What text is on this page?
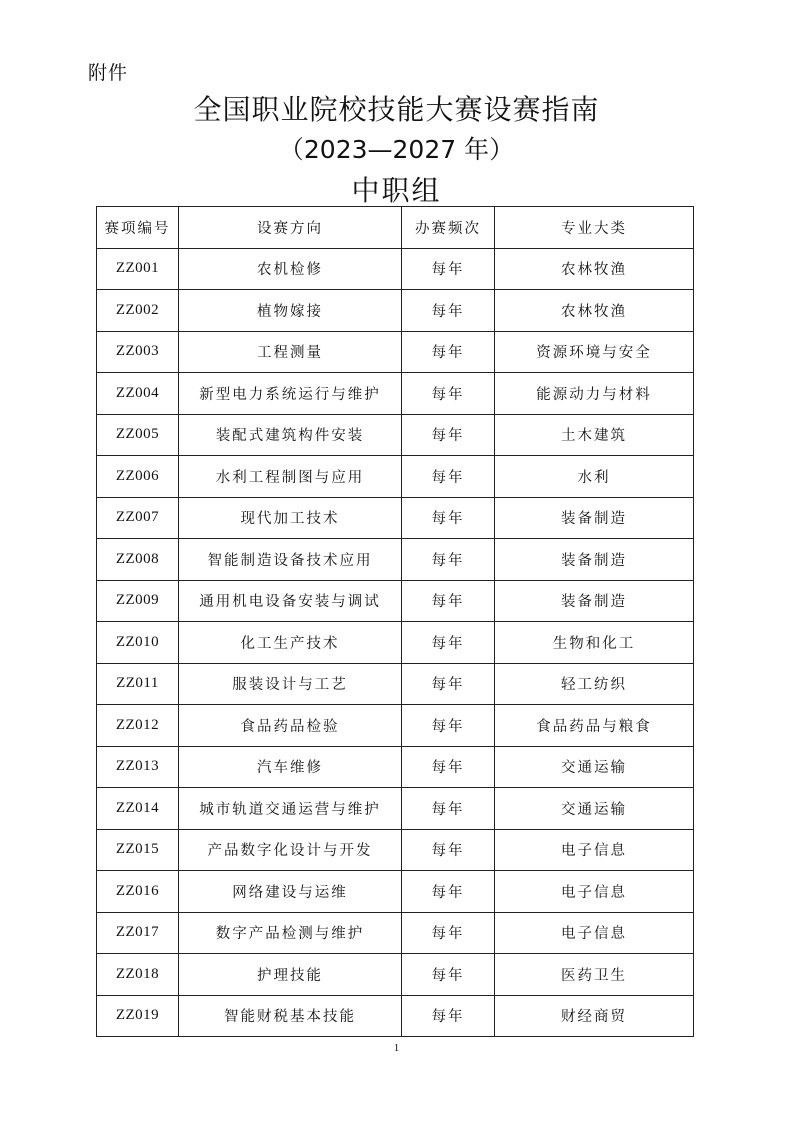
附件
全国职业院校技能大赛设赛指南
（2023—2027 年）
中职组
赛项编号	设赛方向	办赛频次	专业大类
ZZ001	农机检修	每年	农林牧渔
ZZ002	植物嫁接	每年	农林牧渔
ZZ003	工程测量	每年	资源环境与安全
ZZ004	新型电力系统运行与维护	每年	能源动力与材料
ZZ005	装配式建筑构件安装	每年	土木建筑
ZZ006	水利工程制图与应用	每年	水利
ZZ007	现代加工技术	每年	装备制造
ZZ008	智能制造设备技术应用	每年	装备制造
ZZ009	通用机电设备安装与调试	每年	装备制造
ZZ010	化工生产技术	每年	生物和化工
ZZ011	服装设计与工艺	每年	轻工纺织
ZZ012	食品药品检验	每年	食品药品与粮食
ZZ013	汽车维修	每年	交通运输
ZZ014	城市轨道交通运营与维护	每年	交通运输
ZZ015	产品数字化设计与开发	每年	电子信息
ZZ016	网络建设与运维	每年	电子信息
ZZ017	数字产品检测与维护	每年	电子信息
ZZ018	护理技能	每年	医药卫生
ZZ019	智能财税基本技能	每年	财经商贸
1
